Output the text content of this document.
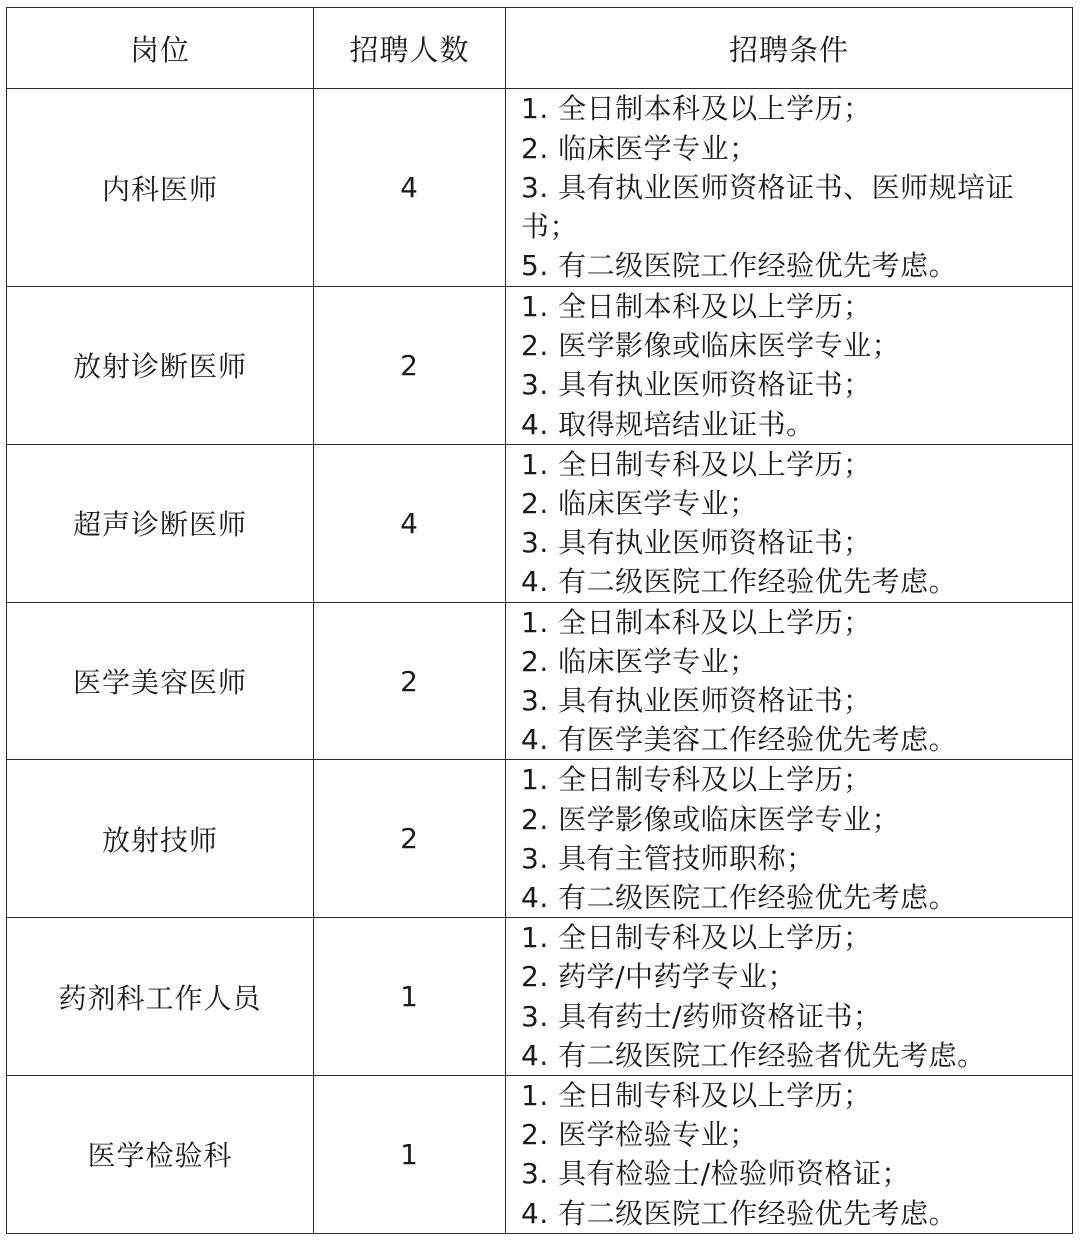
岗位	招聘人数	招聘条件
内科医师	4	1. 全日制本科及以上学历；
2. 临床医学专业；
3. 具有执业医师资格证书、医师规培证书；
5. 有二级医院工作经验优先考虑。

放射诊断医师	2	1. 全日制本科及以上学历；
2. 医学影像或临床医学专业；
3. 具有执业医师资格证书；
4. 取得规培结业证书。

超声诊断医师	4	1. 全日制专科及以上学历；
2. 临床医学专业；
3. 具有执业医师资格证书；
4. 有二级医院工作经验优先考虑。

医学美容医师	2	1. 全日制本科及以上学历；
2. 临床医学专业；
3. 具有执业医师资格证书；
4. 有医学美容工作经验优先考虑。

放射技师	2	1. 全日制专科及以上学历；
2. 医学影像或临床医学专业；
3. 具有主管技师职称；
4. 有二级医院工作经验优先考虑。

药剂科工作人员	1	1. 全日制专科及以上学历；
2. 药学/中药学专业；
3. 具有药士/药师资格证书；
4. 有二级医院工作经验者优先考虑。

医学检验科	1	1. 全日制专科及以上学历；
2. 医学检验专业；
3. 具有检验士/检验师资格证；
4. 有二级医院工作经验优先考虑。
